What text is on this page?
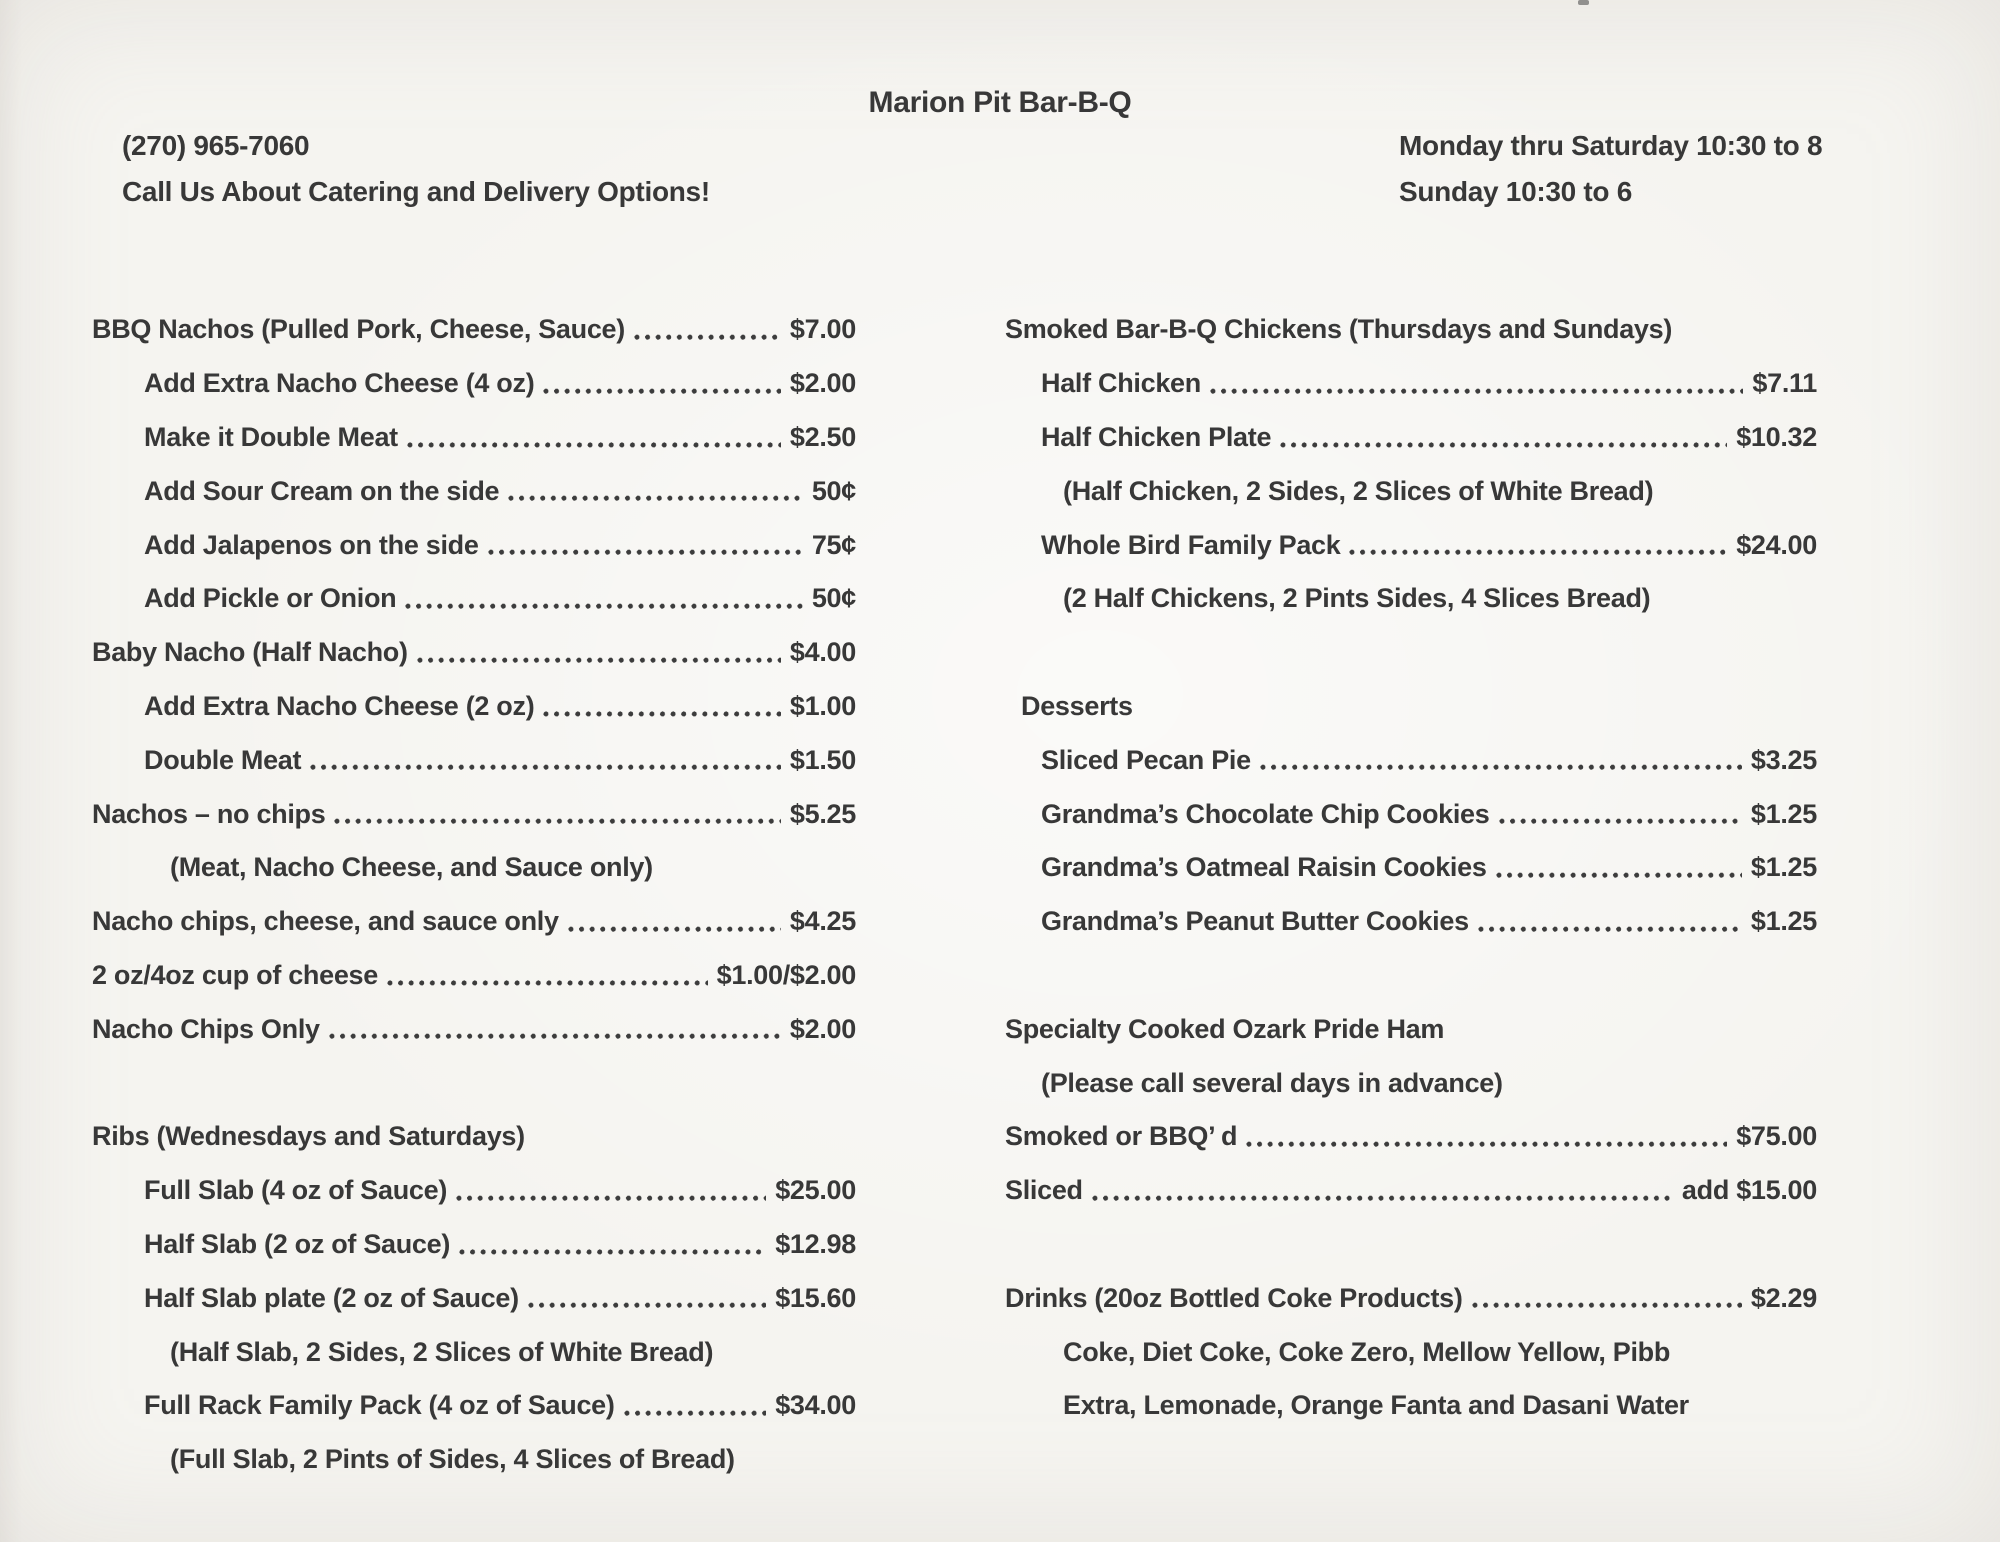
Marion Pit Bar-B-Q
(270) 965-7060
Call Us About Catering and Delivery Options!
Monday thru Saturday 10:30 to 8
Sunday 10:30 to 6
BBQ Nachos (Pulled Pork, Cheese, Sauce)	$7.00
Add Extra Nacho Cheese (4 oz)	$2.00
Make it Double Meat	$2.50
Add Sour Cream on the side	50¢
Add Jalapenos on the side	75¢
Add Pickle or Onion	50¢
Baby Nacho (Half Nacho)	$4.00
Add Extra Nacho Cheese (2 oz)	$1.00
Double Meat	$1.50
Nachos – no chips	$5.25
(Meat, Nacho Cheese, and Sauce only)
Nacho chips, cheese, and sauce only	$4.25
2 oz/4oz cup of cheese	$1.00/$2.00
Nacho Chips Only	$2.00
Ribs (Wednesdays and Saturdays)
Full Slab (4 oz of Sauce)	$25.00
Half Slab (2 oz of Sauce)	$12.98
Half Slab plate (2 oz of Sauce)	$15.60
(Half Slab, 2 Sides, 2 Slices of White Bread)
Full Rack Family Pack (4 oz of Sauce)	$34.00
(Full Slab, 2 Pints of Sides, 4 Slices of Bread)
Smoked Bar-B-Q Chickens (Thursdays and Sundays)
Half Chicken	$7.11
Half Chicken Plate	$10.32
(Half Chicken, 2 Sides, 2 Slices of White Bread)
Whole Bird Family Pack	$24.00
(2 Half Chickens, 2 Pints Sides, 4 Slices Bread)
Desserts
Sliced Pecan Pie	$3.25
Grandma’s Chocolate Chip Cookies	$1.25
Grandma’s Oatmeal Raisin Cookies	$1.25
Grandma’s Peanut Butter Cookies	$1.25
Specialty Cooked Ozark Pride Ham
(Please call several days in advance)
Smoked or BBQ’ d	$75.00
Sliced	add $15.00
Drinks (20oz Bottled Coke Products)	$2.29
Coke, Diet Coke, Coke Zero, Mellow Yellow, Pibb
Extra, Lemonade, Orange Fanta and Dasani Water
